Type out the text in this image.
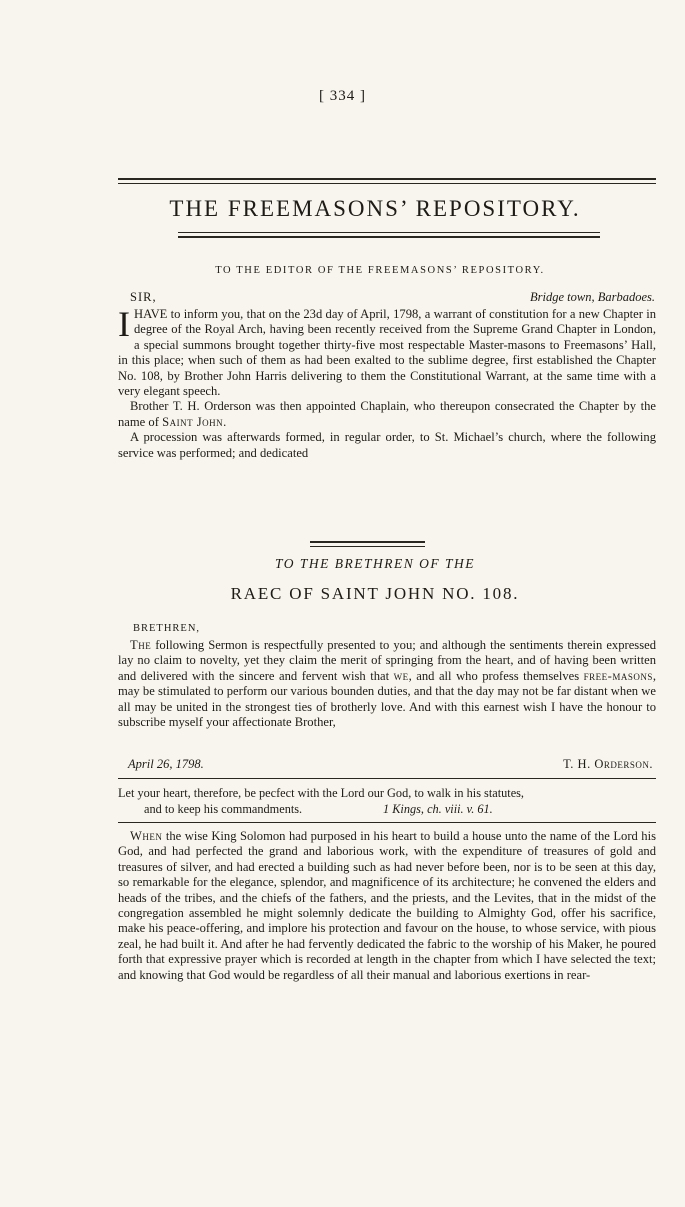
[ 334 ]
THE FREEMASONS’ REPOSITORY.
TO THE EDITOR OF THE FREEMASONS’ REPOSITORY.
SIR,	Bridge town, Barbadoes.

I HAVE to inform you, that on the 23d day of April, 1798, a warrant of constitution for a new Chapter in degree of the Royal Arch, having been recently received from the Supreme Grand Chapter in London, a special summons brought together thirty-five most respectable Master-masons to Freemasons’ Hall, in this place; when such of them as had been exalted to the sublime degree, first established the Chapter No. 108, by Brother John Harris delivering to them the Constitutional Warrant, at the same time with a very elegant speech.

Brother T. H. Orderson was then appointed Chaplain, who thereupon consecrated the Chapter by the name of Saint John.

A procession was afterwards formed, in regular order, to St. Michael’s church, where the following service was performed; and dedicated

TO THE BRETHREN OF THE
RAEC OF SAINT JOHN NO. 108.
BRETHREN,

The following Sermon is respectfully presented to you; and although the sentiments therein expressed lay no claim to novelty, yet they claim the merit of springing from the heart, and of having been written and delivered with the sincere and fervent wish that we, and all who profess themselves free-masons, may be stimulated to perform our various bounden duties, and that the day may not be far distant when we all may be united in the strongest ties of brotherly love. And with this earnest wish I have the honour to subscribe myself your affectionate Brother,

April 26, 1798.	T. H. Orderson.
Let your heart, therefore, be pecfect with the Lord our God, to walk in his statutes,
and to keep his commandments.	1 Kings, ch. viii. v. 61.

When the wise King Solomon had purposed in his heart to build a house unto the name of the Lord his God, and had perfected the grand and laborious work, with the expenditure of treasures of gold and treasures of silver, and had erected a building such as had never before been, nor is to be seen at this day, so remarkable for the elegance, splendor, and magnificence of its architecture; he convened the elders and heads of the tribes, and the chiefs of the fathers, and the priests, and the Levites, that in the midst of the congregation assembled he might solemnly dedicate the building to Almighty God, offer his sacrifice, make his peace-offering, and implore his protection and favour on the house, to whose service, with pious zeal, he had built it. And after he had fervently dedicated the fabric to the worship of his Maker, he poured forth that expressive prayer which is recorded at length in the chapter from which I have selected the text; and knowing that God would be regardless of all their manual and laborious exertions in rear-
